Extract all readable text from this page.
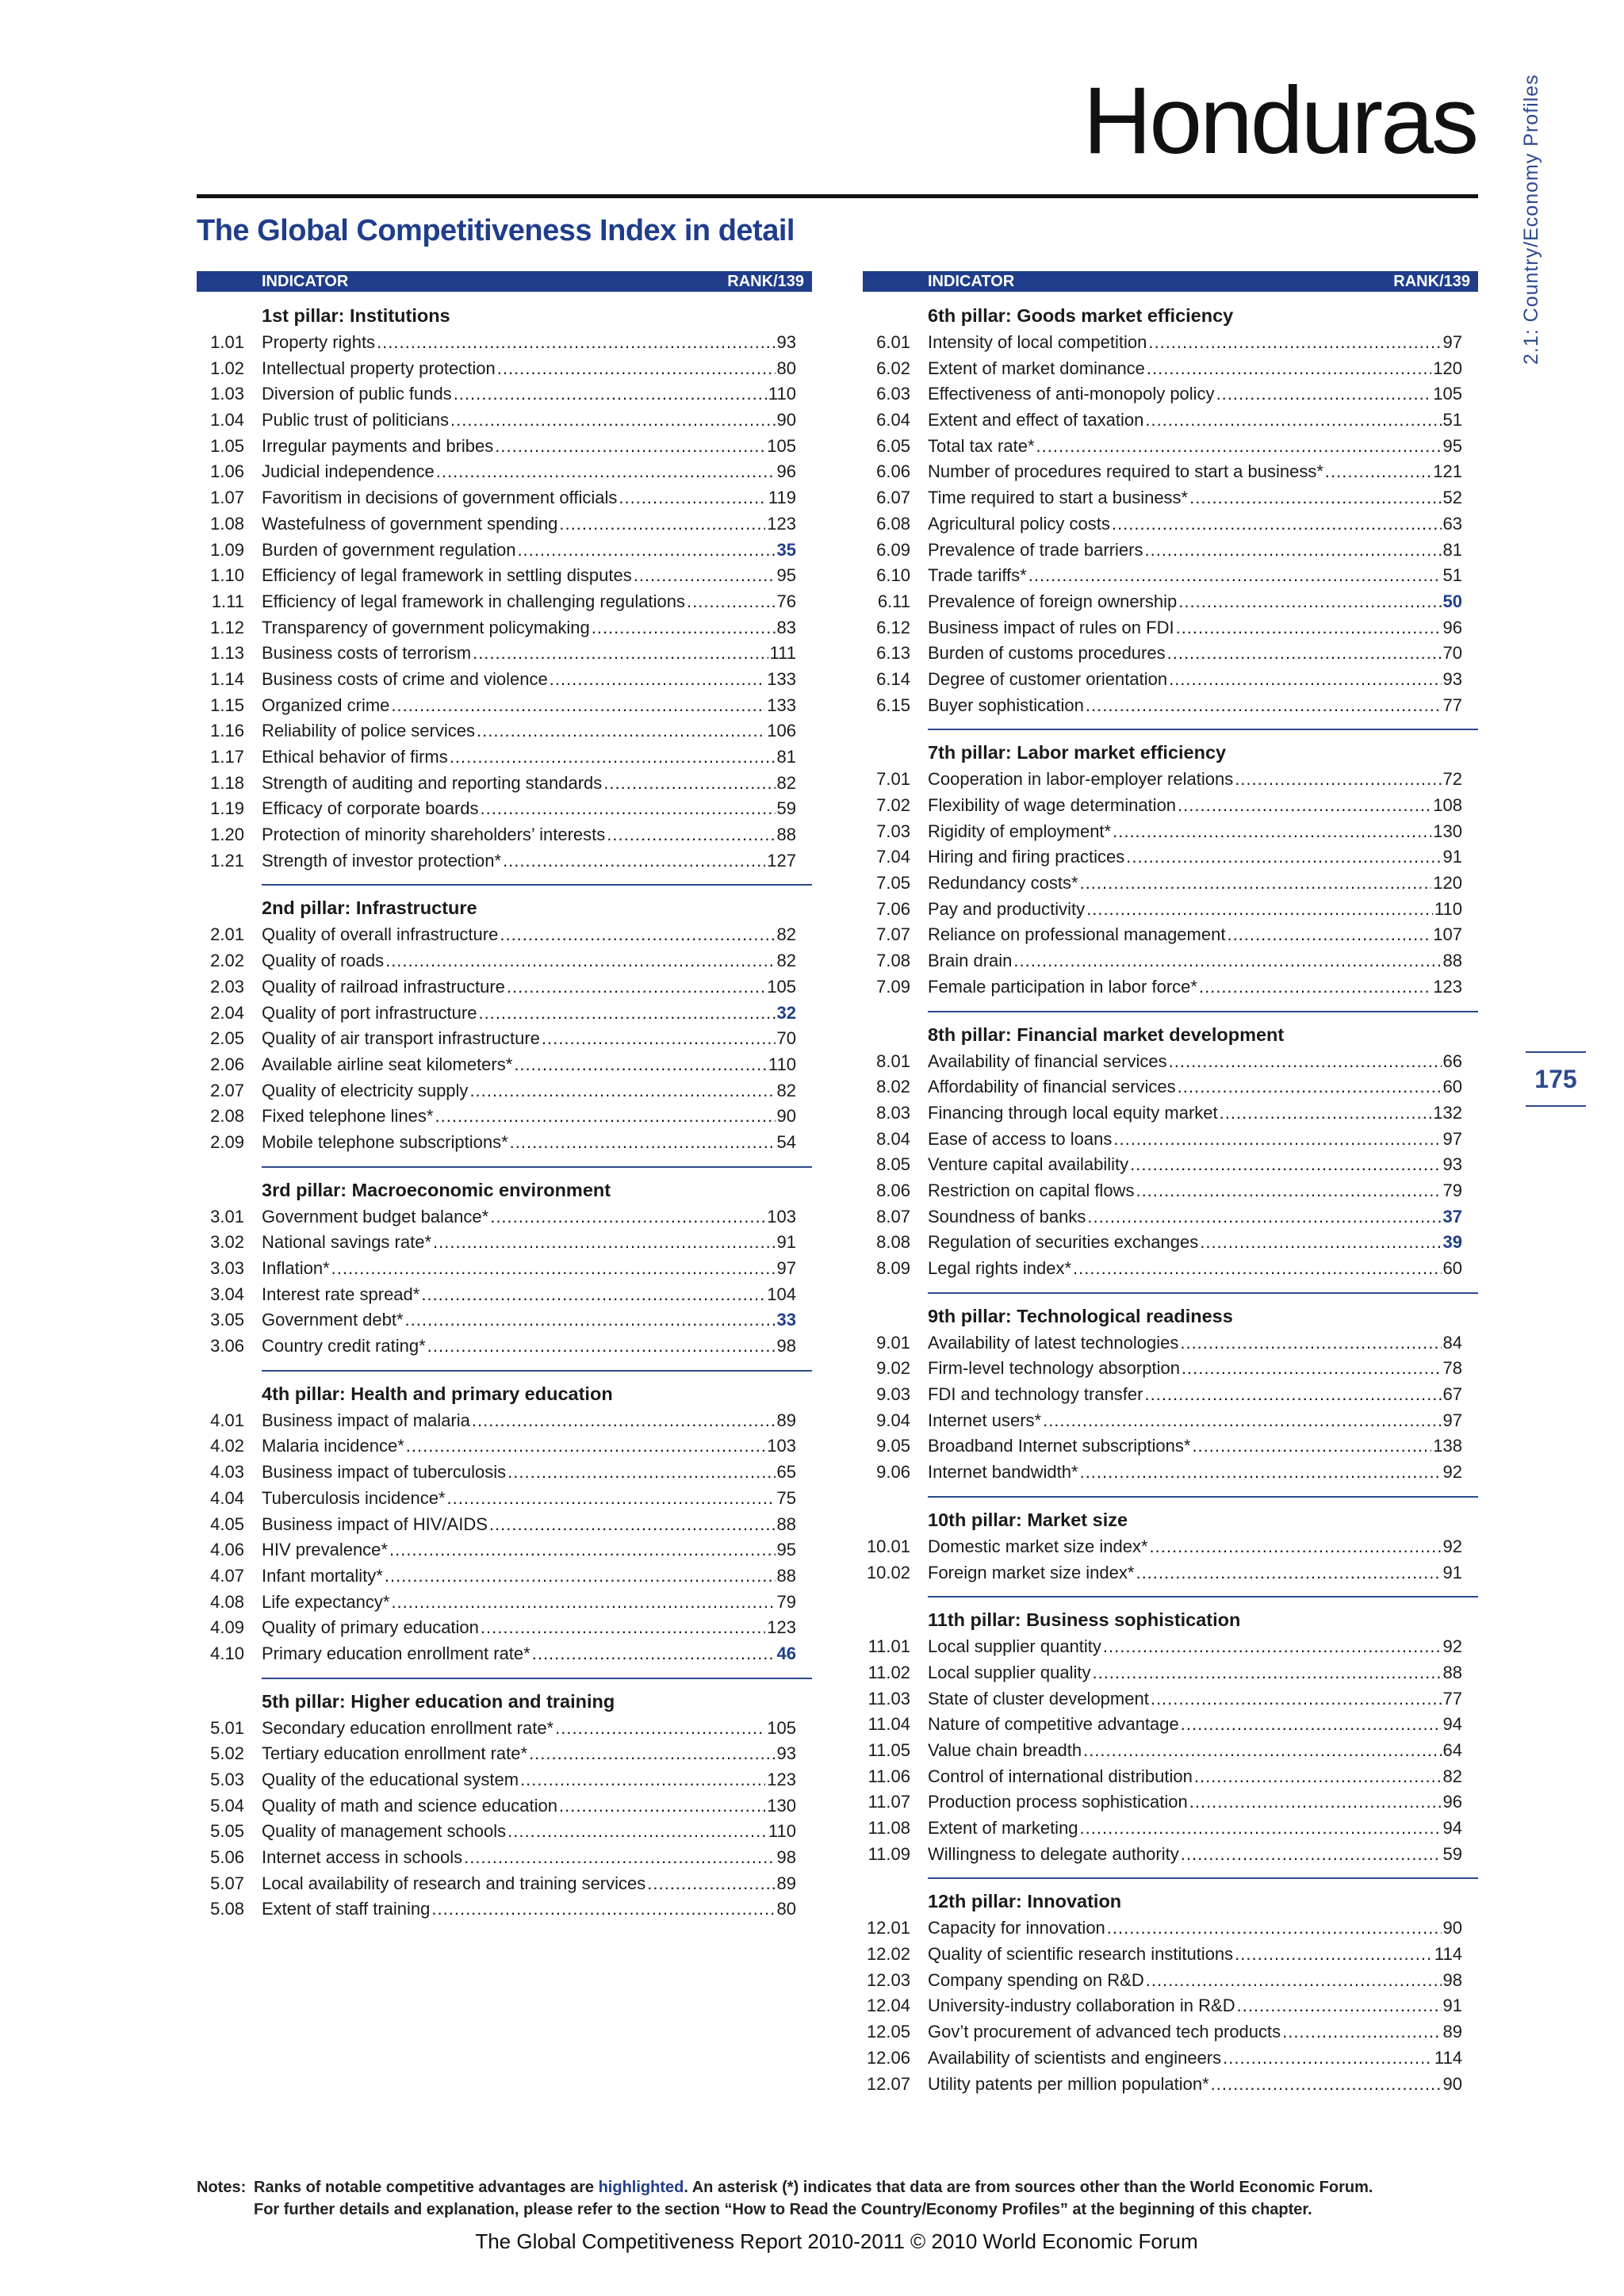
Honduras 2.1: Country/Economy Profiles
175
The Global Competitiveness Index in detail
INDICATOR	RANK/139
1st pillar: Institutions
1.01	Property rights .....	93
1.02	Intellectual property protection .....	80
1.03	Diversion of public funds .....	110
1.04	Public trust of politicians .....	90
1.05	Irregular payments and bribes .....	105
1.06	Judicial independence .....	96
1.07	Favoritism in decisions of government officials .....	119
1.08	Wastefulness of government spending .....	123
1.09	Burden of government regulation .....	35
1.10	Efficiency of legal framework in settling disputes .....	95
1.11	Efficiency of legal framework in challenging regulations .....	76
1.12	Transparency of government policymaking .....	83
1.13	Business costs of terrorism .....	111
1.14	Business costs of crime and violence .....	133
1.15	Organized crime .....	133
1.16	Reliability of police services .....	106
1.17	Ethical behavior of firms .....	81
1.18	Strength of auditing and reporting standards .....	82
1.19	Efficacy of corporate boards .....	59
1.20	Protection of minority shareholders’ interests .....	88
1.21	Strength of investor protection* .....	127
2nd pillar: Infrastructure
2.01	Quality of overall infrastructure .....	82
2.02	Quality of roads .....	82
2.03	Quality of railroad infrastructure .....	105
2.04	Quality of port infrastructure .....	32
2.05	Quality of air transport infrastructure .....	70
2.06	Available airline seat kilometers* .....	110
2.07	Quality of electricity supply .....	82
2.08	Fixed telephone lines* .....	90
2.09	Mobile telephone subscriptions* .....	54
3rd pillar: Macroeconomic environment
3.01	Government budget balance* .....	103
3.02	National savings rate* .....	91
3.03	Inflation* .....	97
3.04	Interest rate spread* .....	104
3.05	Government debt* .....	33
3.06	Country credit rating* .....	98
4th pillar: Health and primary education
4.01	Business impact of malaria .....	89
4.02	Malaria incidence* .....	103
4.03	Business impact of tuberculosis .....	65
4.04	Tuberculosis incidence* .....	75
4.05	Business impact of HIV/AIDS .....	88
4.06	HIV prevalence* .....	95
4.07	Infant mortality* .....	88
4.08	Life expectancy* .....	79
4.09	Quality of primary education .....	123
4.10	Primary education enrollment rate* .....	46
5th pillar: Higher education and training
5.01	Secondary education enrollment rate* .....	105
5.02	Tertiary education enrollment rate* .....	93
5.03	Quality of the educational system .....	123
5.04	Quality of math and science education .....	130
5.05	Quality of management schools .....	110
5.06	Internet access in schools .....	98
5.07	Local availability of research and training services .....	89
5.08	Extent of staff training .....	80
INDICATOR	RANK/139
6th pillar: Goods market efficiency
6.01	Intensity of local competition .....	97
6.02	Extent of market dominance .....	120
6.03	Effectiveness of anti-monopoly policy .....	105
6.04	Extent and effect of taxation .....	51
6.05	Total tax rate* .....	95
6.06	Number of procedures required to start a business* .....	121
6.07	Time required to start a business* .....	52
6.08	Agricultural policy costs .....	63
6.09	Prevalence of trade barriers .....	81
6.10	Trade tariffs* .....	51
6.11	Prevalence of foreign ownership .....	50
6.12	Business impact of rules on FDI .....	96
6.13	Burden of customs procedures .....	70
6.14	Degree of customer orientation .....	93
6.15	Buyer sophistication .....	77
7th pillar: Labor market efficiency
7.01	Cooperation in labor-employer relations .....	72
7.02	Flexibility of wage determination .....	108
7.03	Rigidity of employment* .....	130
7.04	Hiring and firing practices .....	91
7.05	Redundancy costs* .....	120
7.06	Pay and productivity .....	110
7.07	Reliance on professional management .....	107
7.08	Brain drain .....	88
7.09	Female participation in labor force* .....	123
8th pillar: Financial market development
8.01	Availability of financial services .....	66
8.02	Affordability of financial services .....	60
8.03	Financing through local equity market .....	132
8.04	Ease of access to loans .....	97
8.05	Venture capital availability .....	93
8.06	Restriction on capital flows .....	79
8.07	Soundness of banks .....	37
8.08	Regulation of securities exchanges .....	39
8.09	Legal rights index* .....	60
9th pillar: Technological readiness
9.01	Availability of latest technologies .....	84
9.02	Firm-level technology absorption .....	78
9.03	FDI and technology transfer .....	67
9.04	Internet users* .....	97
9.05	Broadband Internet subscriptions* .....	138
9.06	Internet bandwidth* .....	92
10th pillar: Market size
10.01	Domestic market size index* .....	92
10.02	Foreign market size index* .....	91
11th pillar: Business sophistication
11.01	Local supplier quantity .....	92
11.02	Local supplier quality .....	88
11.03	State of cluster development .....	77
11.04	Nature of competitive advantage .....	94
11.05	Value chain breadth .....	64
11.06	Control of international distribution .....	82
11.07	Production process sophistication .....	96
11.08	Extent of marketing .....	94
11.09	Willingness to delegate authority .....	59
12th pillar: Innovation
12.01	Capacity for innovation .....	90
12.02	Quality of scientific research institutions .....	114
12.03	Company spending on R&D .....	98
12.04	University-industry collaboration in R&D .....	91
12.05	Gov’t procurement of advanced tech products .....	89
12.06	Availability of scientists and engineers .....	114
12.07	Utility patents per million population* .....	90
Notes: Ranks of notable competitive advantages are highlighted. An asterisk (*) indicates that data are from sources other than the World Economic Forum.
For further details and explanation, please refer to the section “How to Read the Country/Economy Profiles” at the beginning of this chapter.
The Global Competitiveness Report 2010-2011 © 2010 World Economic Forum
